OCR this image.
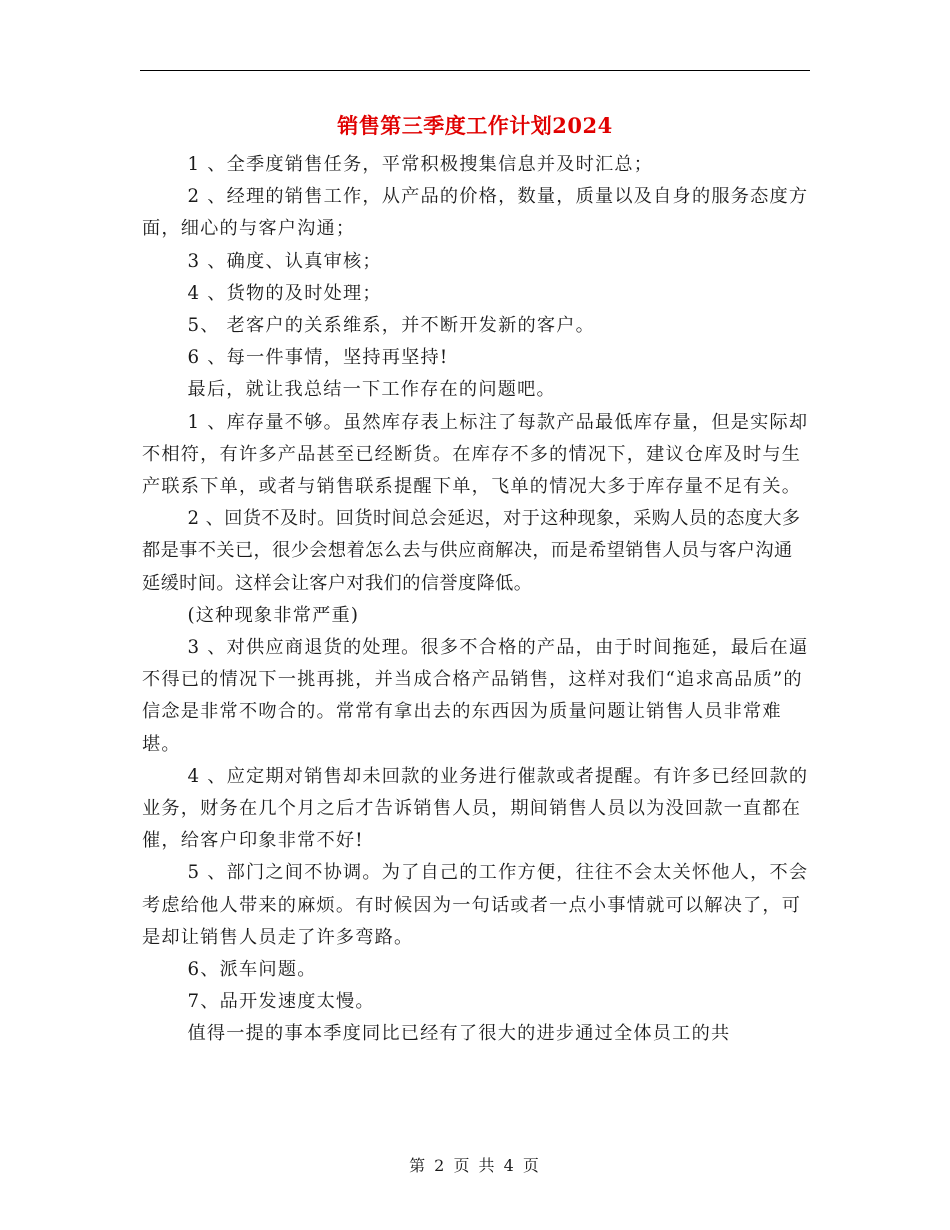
销售第三季度工作计划2024

1 、全季度销售任务，平常积极搜集信息并及时汇总；

2 、经理的销售工作，从产品的价格，数量，质量以及自身的服务态度方面，细心的与客户沟通；

3 、确度、认真审核；

4 、货物的及时处理；

5、 老客户的关系维系，并不断开发新的客户。

6 、每一件事情，坚持再坚持!

最后，就让我总结一下工作存在的问题吧。

1 、库存量不够。虽然库存表上标注了每款产品最低库存量，但是实际却不相符，有许多产品甚至已经断货。在库存不多的情况下，建议仓库及时与生产联系下单，或者与销售联系提醒下单，飞单的情况大多于库存量不足有关。

2 、回货不及时。回货时间总会延迟，对于这种现象，采购人员的态度大多都是事不关已，很少会想着怎么去与供应商解决，而是希望销售人员与客户沟通延缓时间。这样会让客户对我们的信誉度降低。

(这种现象非常严重)

3 、对供应商退货的处理。很多不合格的产品，由于时间拖延，最后在逼不得已的情况下一挑再挑，并当成合格产品销售，这样对我们“追求高品质”的信念是非常不吻合的。常常有拿出去的东西因为质量问题让销售人员非常难堪。

4 、应定期对销售却未回款的业务进行催款或者提醒。有许多已经回款的业务，财务在几个月之后才告诉销售人员，期间销售人员以为没回款一直都在催，给客户印象非常不好!

5 、部门之间不协调。为了自己的工作方便，往往不会太关怀他人，不会考虑给他人带来的麻烦。有时候因为一句话或者一点小事情就可以解决了，可是却让销售人员走了许多弯路。

6、派车问题。

7、品开发速度太慢。

值得一提的事本季度同比已经有了很大的进步通过全体员工的共

第 2 页 共 4 页
